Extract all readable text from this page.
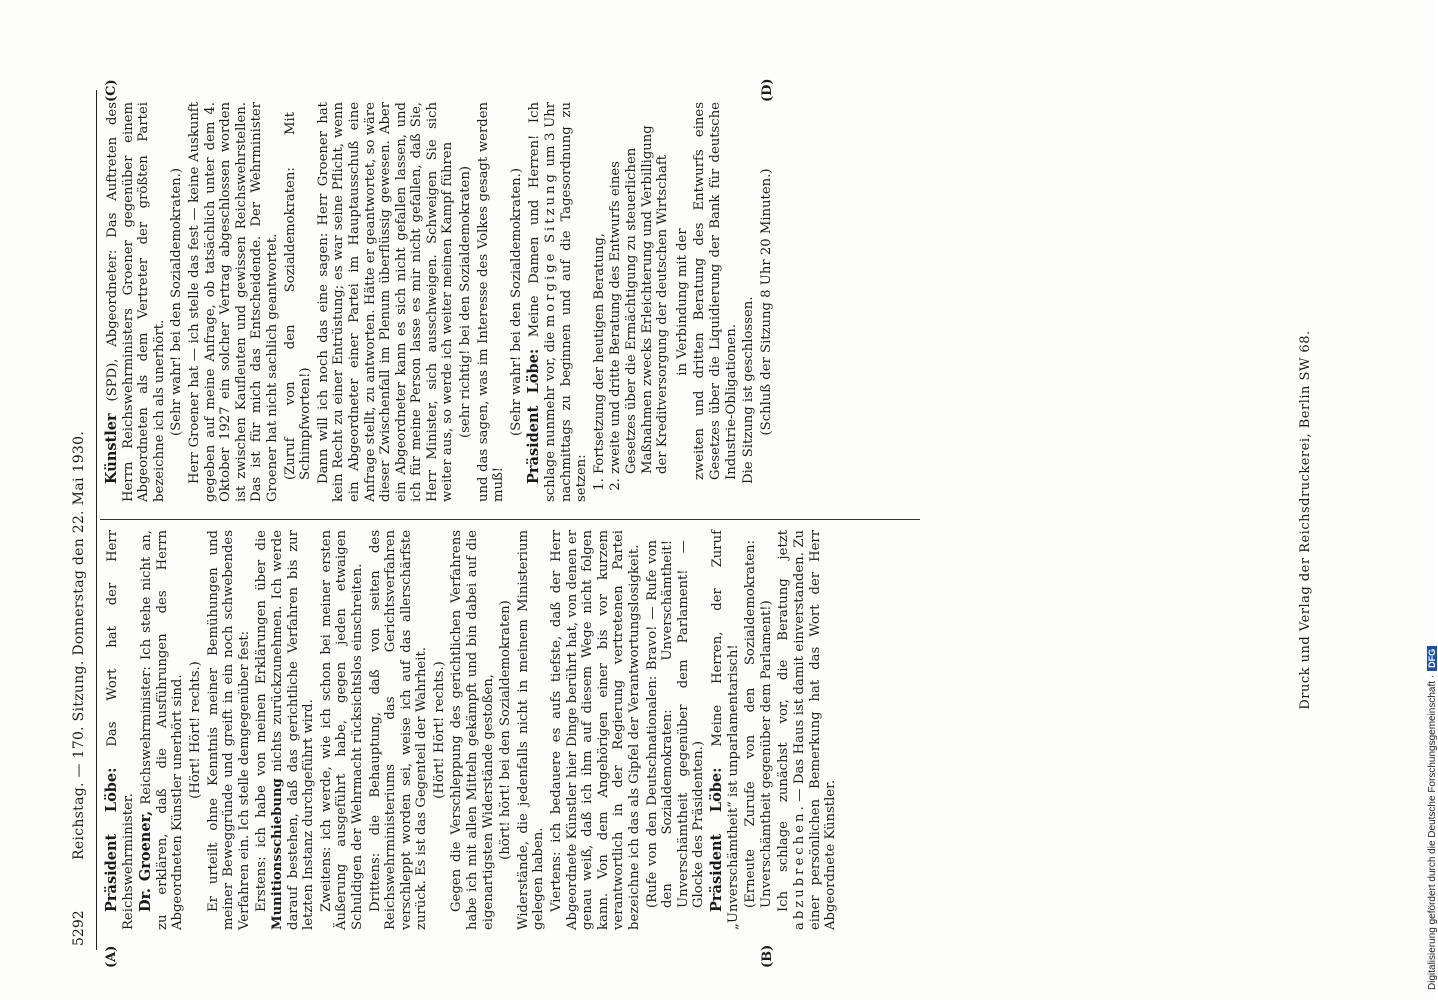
5292
Reichstag. — 170. Sitzung. Donnerstag den 22. Mai 1930.
(A)	(B)
(C)	(D)

Präsident Löbe: Das Wort hat der Herr Reichswehrminister. Dr. Groener, Reichswehrminister: Ich stehe nicht an, zu erklären, daß die Ausführungen des Herrn Abgeordneten Künstler unerhört sind. (Hört! Hört! rechts.) Er urteilt ohne Kenntnis meiner Bemühungen und meiner Beweggründe und greift in ein noch schwebendes Verfahren ein. Ich stelle demgegenüber fest: Erstens: ich habe von meinen Erklärungen über die Munitionsschiebung nichts zurückzunehmen. Ich werde darauf bestehen, daß das gerichtliche Verfahren bis zur letzten Instanz durchgeführt wird. Zweitens: ich werde, wie ich schon bei meiner ersten Äußerung ausgeführt habe, gegen jeden etwaigen Schuldigen der Wehrmacht rücksichtslos einschreiten. Drittens: die Behauptung, daß von seiten des Reichswehrministeriums das Gerichtsverfahren verschleppt worden sei, weise ich auf das allerschärfste zurück. Es ist das Gegenteil der Wahrheit. (Hört! Hört! rechts.) Gegen die Verschleppung des gerichtlichen Verfahrens habe ich mit allen Mitteln gekämpft und bin dabei auf die eigenartigsten Widerstände gestoßen, (hört! hört! bei den Sozialdemokraten) Widerstände, die jedenfalls nicht in meinem Ministerium gelegen haben. Viertens: ich bedauere es aufs tiefste, daß der Herr Abgeordnete Künstler hier Dinge berührt hat, von denen er genau weiß, daß ich ihm auf diesem Wege nicht folgen kann. Von dem Angehörigen einer bis vor kurzem verantwortlich in der Regierung vertretenen Partei bezeichne ich das als Gipfel der Verantwortungslosigkeit. (Rufe von den Deutschnationalen: Bravo! — Rufe von den Sozialdemokraten: Unverschämtheit! Unverschämtheit gegenüber dem Parlament! — Glocke des Präsidenten.) Präsident Löbe: Meine Herren, der Zuruf „Unverschämtheit“ ist unparlamentarisch! (Erneute Zurufe von den Sozialdemokraten: Unverschämtheit gegenüber dem Parlament!) Ich schlage zunächst vor, die Beratung jetzt abzubrechen. — Das Haus ist damit einverstanden. Zu einer persönlichen Bemerkung hat das Wort der Herr Abgeordnete Künstler.

Künstler (SPD), Abgeordneter: Das Auftreten des Herrn Reichswehrministers Groener gegenüber einem Abgeordneten als dem Vertreter der größten Partei bezeichne ich als unerhört. (Sehr wahr! bei den Sozialdemokraten.) Herr Groener hat — ich stelle das fest — keine Auskunft gegeben auf meine Anfrage, ob tatsächlich unter dem 4. Oktober 1927 ein solcher Vertrag abgeschlossen worden ist zwischen Kaufleuten und gewissen Reichswehrstellen. Das ist für mich das Entscheidende. Der Wehrminister Groener hat nicht sachlich geantwortet. (Zuruf von den Sozialdemokraten: Mit Schimpfworten!) Dann will ich noch das eine sagen: Herr Groener hat kein Recht zu einer Entrüstung; es war seine Pflicht, wenn ein Abgeordneter einer Partei im Hauptausschuß eine Anfrage stellt, zu antworten. Hätte er geantwortet, so wäre dieser Zwischenfall im Plenum überflüssig gewesen. Aber ein Abgeordneter kann es sich nicht gefallen lassen, und ich für meine Person lasse es mir nicht gefallen, daß Sie, Herr Minister, sich ausschweigen. Schweigen Sie sich weiter aus, so werde ich weiter meinen Kampf führen (sehr richtig! bei den Sozialdemokraten) und das sagen, was im Interesse des Volkes gesagt werden muß!

(Sehr wahr! bei den Sozialdemokraten.) Präsident Löbe: Meine Damen und Herren! Ich schlage nunmehr vor, die morgige Sitzung um 3 Uhr nachmittags zu beginnen und auf die Tagesordnung zu setzen:

1. Fortsetzung der heutigen Beratung,
2. zweite und dritte Beratung des Entwurfs eines Gesetzes über die Ermächtigung zu steuerlichen Maßnahmen zwecks Erleichterung und Verbilligung der Kreditversorgung der deutschen Wirtschaft in Verbindung mit der zweiten und dritten Beratung des Entwurfs eines Gesetzes über die Liquidierung der Bank für deutsche Industrie-Obligationen. Die Sitzung ist geschlossen. (Schluß der Sitzung 8 Uhr 20 Minuten.)

Druck und Verlag der Reichsdruckerei, Berlin SW 68.
Digitalisierung gefördert durch die Deutsche Forschungsgemeinschaft ·DFG
